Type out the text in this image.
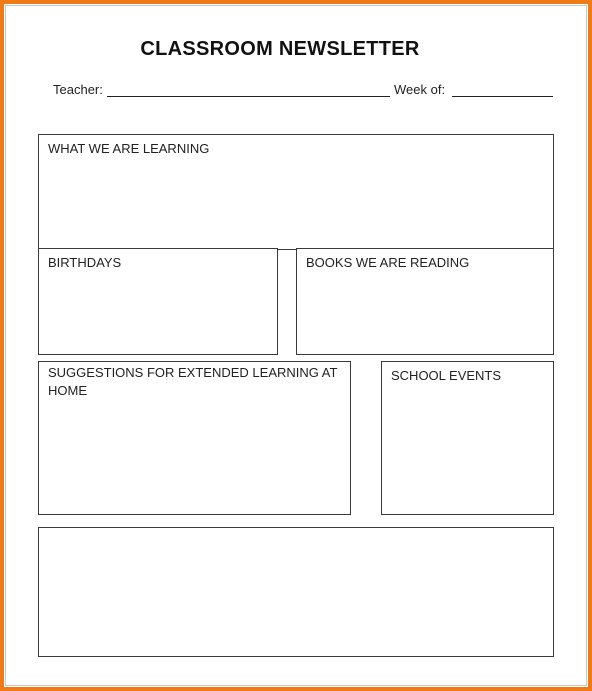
CLASSROOM NEWSLETTER
Teacher:	Week of:
WHAT WE ARE LEARNING
BIRTHDAYS	BOOKS WE ARE READING
SUGGESTIONS FOR EXTENDED LEARNING AT HOME
SCHOOL EVENTS
